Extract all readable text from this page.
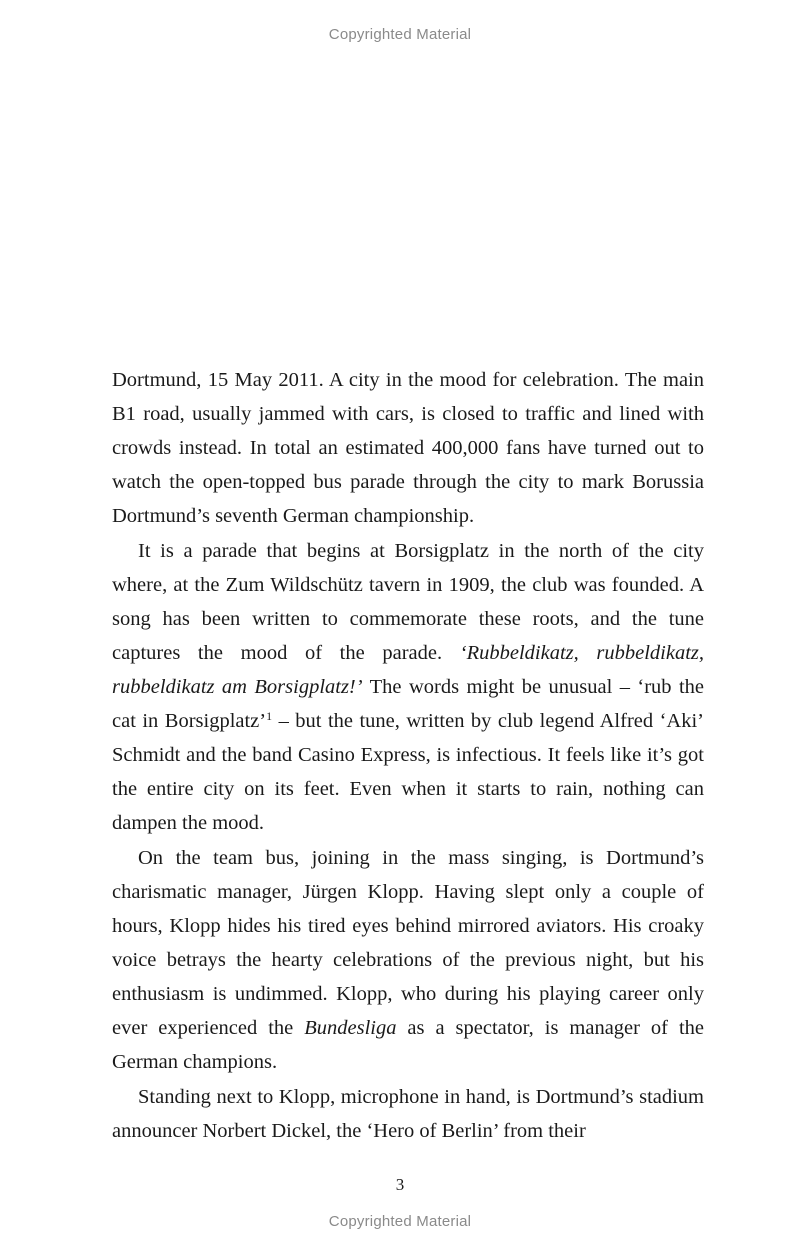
Copyrighted Material

Dortmund, 15 May 2011. A city in the mood for celebration. The main B1 road, usually jammed with cars, is closed to traffic and lined with crowds instead. In total an estimated 400,000 fans have turned out to watch the open-topped bus parade through the city to mark Borussia Dortmund’s seventh German championship.

It is a parade that begins at Borsigplatz in the north of the city where, at the Zum Wildschütz tavern in 1909, the club was founded. A song has been written to commemorate these roots, and the tune captures the mood of the parade. ‘Rubbeldikatz, rubbeldikatz, rubbeldikatz am Borsigplatz!’ The words might be unusual – ‘rub the cat in Borsigplatz’$^1$ – but the tune, written by club legend Alfred ‘Aki’ Schmidt and the band Casino Express, is infectious. It feels like it’s got the entire city on its feet. Even when it starts to rain, nothing can dampen the mood.

On the team bus, joining in the mass singing, is Dortmund’s charismatic manager, Jürgen Klopp. Having slept only a couple of hours, Klopp hides his tired eyes behind mirrored aviators. His croaky voice betrays the hearty celebrations of the previous night, but his enthusiasm is undimmed. Klopp, who during his playing career only ever experienced the Bundesliga as a spectator, is manager of the German champions.

Standing next to Klopp, microphone in hand, is Dortmund’s stadium announcer Norbert Dickel, the ‘Hero of Berlin’ from their

3
Copyrighted Material
